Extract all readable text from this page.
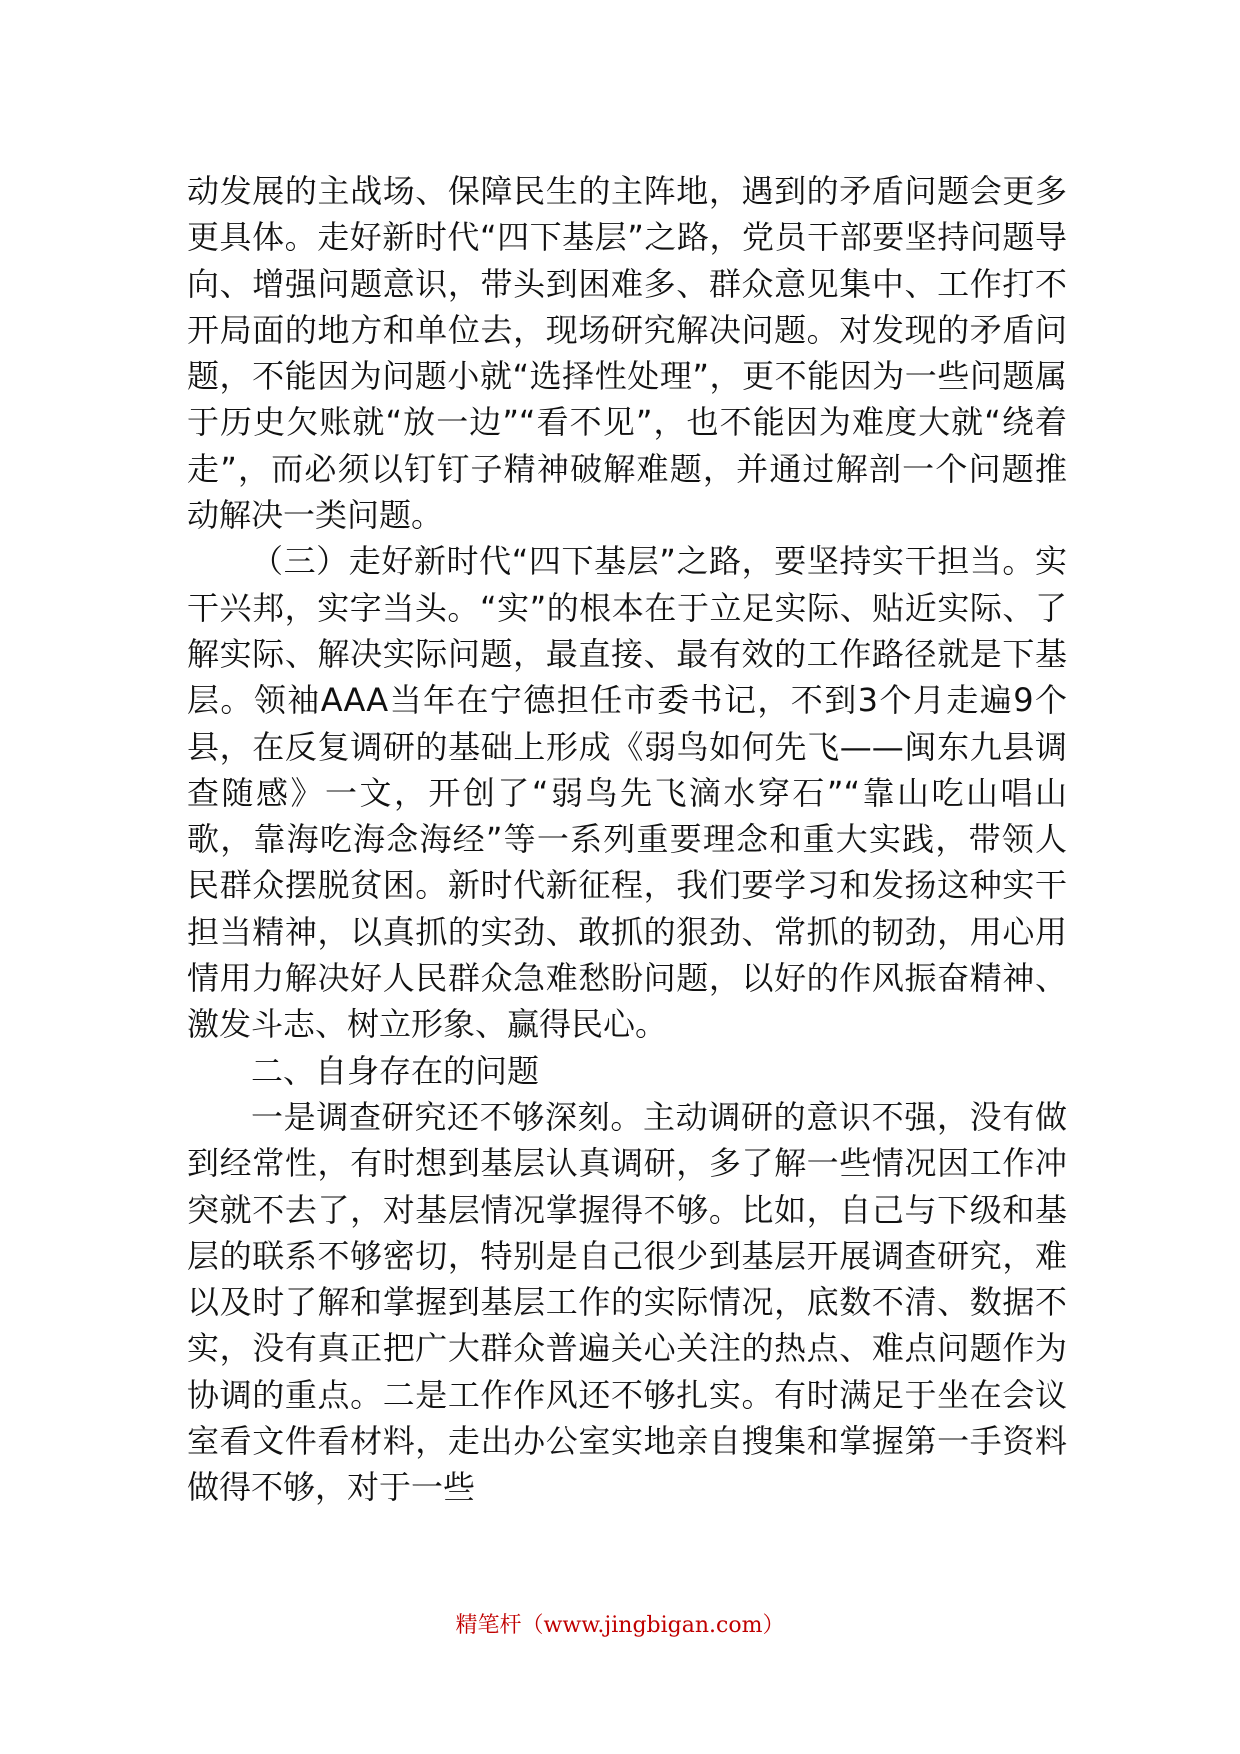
动发展的主战场、保障民生的主阵地，遇到的矛盾问题会更多更具体。走好新时代“四下基层”之路，党员干部要坚持问题导向、增强问题意识，带头到困难多、群众意见集中、工作打不开局面的地方和单位去，现场研究解决问题。对发现的矛盾问题，不能因为问题小就“选择性处理”，更不能因为一些问题属于历史欠账就“放一边”“看不见”，也不能因为难度大就“绕着走”，而必须以钉钉子精神破解难题，并通过解剖一个问题推动解决一类问题。

（三）走好新时代“四下基层”之路，要坚持实干担当。实干兴邦，实字当头。“实”的根本在于立足实际、贴近实际、了解实际、解决实际问题，最直接、最有效的工作路径就是下基层。领袖AAA当年在宁德担任市委书记，不到3个月走遍9个县，在反复调研的基础上形成《弱鸟如何先飞——闽东九县调查随感》一文，开创了“弱鸟先飞滴水穿石”“靠山吃山唱山歌，靠海吃海念海经”等一系列重要理念和重大实践，带领人民群众摆脱贫困。新时代新征程，我们要学习和发扬这种实干担当精神，以真抓的实劲、敢抓的狠劲、常抓的韧劲，用心用情用力解决好人民群众急难愁盼问题，以好的作风振奋精神、激发斗志、树立形象、赢得民心。

二、自身存在的问题

一是调查研究还不够深刻。主动调研的意识不强，没有做到经常性，有时想到基层认真调研，多了解一些情况因工作冲突就不去了，对基层情况掌握得不够。比如，自己与下级和基层的联系不够密切，特别是自己很少到基层开展调查研究，难以及时了解和掌握到基层工作的实际情况，底数不清、数据不实，没有真正把广大群众普遍关心关注的热点、难点问题作为协调的重点。二是工作作风还不够扎实。有时满足于坐在会议室看文件看材料，走出办公室实地亲自搜集和掌握第一手资料做得不够，对于一些

精笔杆（www.jingbigan.com）
